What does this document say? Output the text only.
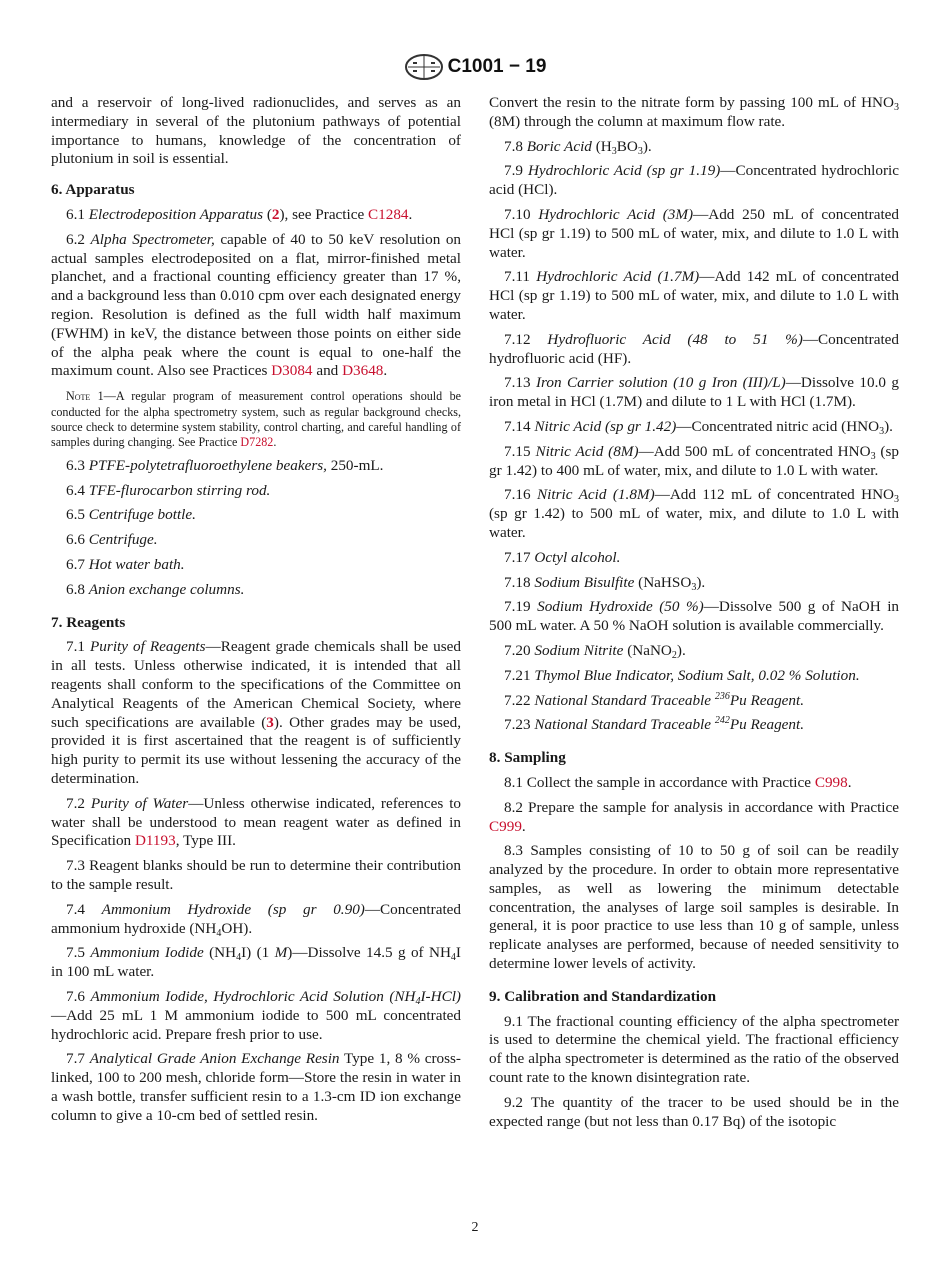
C1001 − 19

and a reservoir of long-lived radionuclides, and serves as an intermediary in several of the plutonium pathways of potential importance to humans, knowledge of the concentration of plutonium in soil is essential.

6. Apparatus

6.1 Electrodeposition Apparatus (2), see Practice C1284.

6.2 Alpha Spectrometer, capable of 40 to 50 keV resolution on actual samples electrodeposited on a flat, mirror-finished metal planchet, and a fractional counting efficiency greater than 17 %, and a background less than 0.010 cpm over each designated energy region. Resolution is defined as the full width half maximum (FWHM) in keV, the distance between those points on either side of the alpha peak where the count is equal to one-half the maximum count. Also see Practices D3084 and D3648.

Note 1—A regular program of measurement control operations should be conducted for the alpha spectrometry system, such as regular background checks, source check to determine system stability, control charting, and careful handling of samples during changing. See Practice D7282.

6.3 PTFE-polytetrafluoroethylene beakers, 250-mL.

6.4 TFE-flurocarbon stirring rod.

6.5 Centrifuge bottle.

6.6 Centrifuge.

6.7 Hot water bath.

6.8 Anion exchange columns.

7. Reagents

7.1 Purity of Reagents—Reagent grade chemicals shall be used in all tests. Unless otherwise indicated, it is intended that all reagents shall conform to the specifications of the Committee on Analytical Reagents of the American Chemical Society, where such specifications are available (3). Other grades may be used, provided it is first ascertained that the reagent is of sufficiently high purity to permit its use without lessening the accuracy of the determination.

7.2 Purity of Water—Unless otherwise indicated, references to water shall be understood to mean reagent water as defined in Specification D1193, Type III.

7.3 Reagent blanks should be run to determine their contribution to the sample result.

7.4 Ammonium Hydroxide (sp gr 0.90)—Concentrated ammonium hydroxide $(NH_4OH)$.

7.5 Ammonium Iodide $(NH_4I)$ (1 M)—Dissolve 14.5 g of $NH_4I$ in 100 mL water.

7.6 Ammonium Iodide, Hydrochloric Acid Solution $(NH_4I-HCl)—Add$ 25 mL 1 M ammonium iodide to 500 mL concentrated hydrochloric acid. Prepare fresh prior to use.

7.7 Analytical Grade Anion Exchange Resin Type 1, 8 % cross-linked, 100 to 200 mesh, chloride form—Store the resin in water in a wash bottle, transfer sufficient resin to a 1.3-cm ID ion exchange column to give a 10-cm bed of settled resin.

Convert the resin to the nitrate form by passing 100 mL of $HNO_3$ (8M) through the column at maximum flow rate.

7.8 Boric Acid $(H_3BO_3)$.

7.9 Hydrochloric Acid (sp gr 1.19)—Concentrated hydrochloric acid (HCl).

7.10 Hydrochloric Acid (3M)—Add 250 mL of concentrated HCl (sp gr 1.19) to 500 mL of water, mix, and dilute to 1.0 L with water.

7.11 Hydrochloric Acid (1.7M)—Add 142 mL of concentrated HCl (sp gr 1.19) to 500 mL of water, mix, and dilute to 1.0 L with water.

7.12 Hydrofluoric Acid (48 to 51 %)—Concentrated hydrofluoric acid (HF).

7.13 Iron Carrier solution (10 g Iron (III)/L)—Dissolve 10.0 g iron metal in HCl (1.7M) and dilute to 1 L with HCl (1.7M).

7.14 Nitric Acid (sp gr 1.42)—Concentrated nitric acid $(HNO_3)$.

7.15 Nitric Acid (8M)—Add 500 mL of concentrated $HNO_3$ (sp gr 1.42) to 400 mL of water, mix, and dilute to 1.0 L with water.

7.16 Nitric Acid (1.8M)—Add 112 mL of concentrated $HNO_3$ (sp gr 1.42) to 500 mL of water, mix, and dilute to 1.0 L with water.

7.17 Octyl alcohol.

7.18 Sodium Bisulfite (NaHSO$_3$).

7.19 Sodium Hydroxide (50 %)—Dissolve 500 g of NaOH in 500 mL water. A 50 % NaOH solution is available commercially.

7.20 Sodium Nitrite (NaNO$_2$).

7.21 Thymol Blue Indicator, Sodium Salt, 0.02 % Solution.

7.22 National Standard Traceable $^{236}$Pu Reagent.

7.23 National Standard Traceable $^{242}$Pu Reagent.

8. Sampling

8.1 Collect the sample in accordance with Practice C998.

8.2 Prepare the sample for analysis in accordance with Practice C999.

8.3 Samples consisting of 10 to 50 g of soil can be readily analyzed by the procedure. In order to obtain more representative samples, as well as lowering the minimum detectable concentration, the analyses of large soil samples is desirable. In general, it is poor practice to use less than 10 g of sample, unless replicate analyses are performed, because of needed sensitivity to determine lower levels of activity.

9. Calibration and Standardization

9.1 The fractional counting efficiency of the alpha spectrometer is used to determine the chemical yield. The fractional efficiency of the alpha spectrometer is determined as the ratio of the observed count rate to the known disintegration rate.

9.2 The quantity of the tracer to be used should be in the expected range (but not less than 0.17 Bq) of the isotopic

2
